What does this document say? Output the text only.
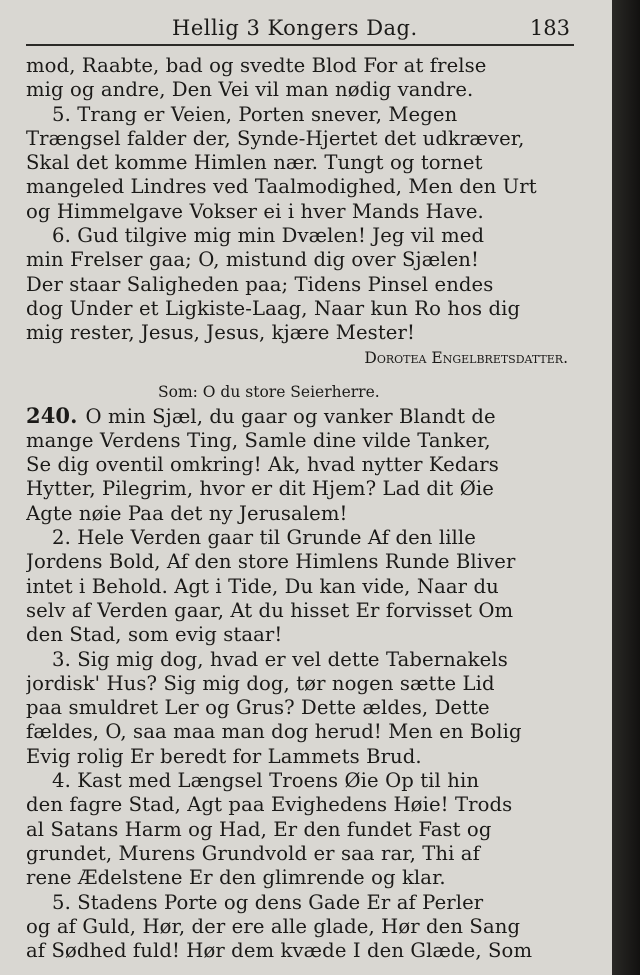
Hellig 3 Kongers Dag.	183
mod, Raabte, bad og svedte Blod For at frelse
mig og andre, Den Vei vil man nødig vandre.
5. Trang er Veien, Porten snever, Megen
Trængsel falder der, Synde-Hjertet det udkræver,
Skal det komme Himlen nær. Tungt og tornet
mangeled Lindres ved Taalmodighed, Men den Urt
og Himmelgave Vokser ei i hver Mands Have.
6. Gud tilgive mig min Dvælen! Jeg vil med
min Frelser gaa; O, mistund dig over Sjælen!
Der staar Saligheden paa; Tidens Pinsel endes
dog Under et Ligkiste-Laag, Naar kun Ro hos dig
mig rester, Jesus, Jesus, kjære Mester!
Dorotea Engelbretsdatter.
Som: O du store Seierherre.
240. O min Sjæl, du gaar og vanker Blandt de
mange Verdens Ting, Samle dine vilde Tanker,
Se dig oventil omkring! Ak, hvad nytter Kedars
Hytter, Pilegrim, hvor er dit Hjem? Lad dit Øie
Agte nøie Paa det ny Jerusalem!
2. Hele Verden gaar til Grunde Af den lille
Jordens Bold, Af den store Himlens Runde Bliver
intet i Behold. Agt i Tide, Du kan vide, Naar du
selv af Verden gaar, At du hisset Er forvisset Om
den Stad, som evig staar!
3. Sig mig dog, hvad er vel dette Tabernakels
jordisk' Hus? Sig mig dog, tør nogen sætte Lid
paa smuldret Ler og Grus? Dette ældes, Dette
fældes, O, saa maa man dog herud! Men en Bolig
Evig rolig Er beredt for Lammets Brud.
4. Kast med Længsel Troens Øie Op til hin
den fagre Stad, Agt paa Evighedens Høie! Trods
al Satans Harm og Had, Er den fundet Fast og
grundet, Murens Grundvold er saa rar, Thi af
rene Ædelstene Er den glimrende og klar.
5. Stadens Porte og dens Gade Er af Perler
og af Guld, Hør, der ere alle glade, Hør den Sang
af Sødhed fuld! Hør dem kvæde I den Glæde, Som
